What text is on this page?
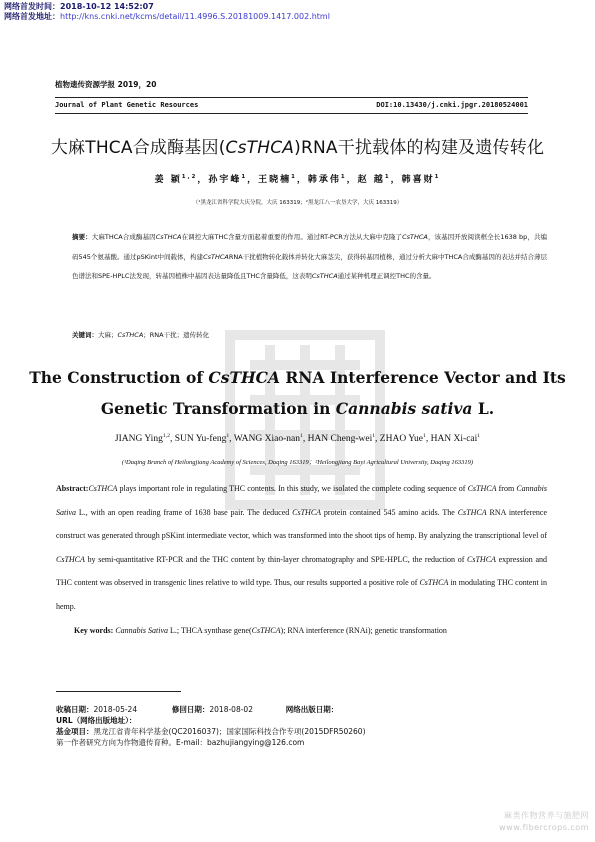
网络首发时间：2018-10-12 14:52:07
网络首发地址：http://kns.cnki.net/kcms/detail/11.4996.S.20181009.1417.002.html
植物遗传资源学报 2019，20
Journal of Plant Genetic Resources	DOI:10.13430/j.cnki.jpgr.20180524001
大麻THCA合成酶基因(CsTHCA)RNA干扰载体的构建及遗传转化
姜 颖$^{1,2}$，孙宇峰$^1$，王晓楠$^1$，韩承伟$^1$，赵 越$^1$，韩喜财$^1$
（¹黑龙江省科学院大庆分院，大庆 163319；²黑龙江八一农垦大学，大庆 163319）
摘要：大麻THCA合成酶基因CsTHCA在调控大麻THC含量方面起着重要的作用。通过RT-PCR方法从大麻中克隆了CsTHCA，该基因开放阅读框全长1638 bp，共编码545个氨基酸。通过pSKint中间载体，构建CsTHCARNA干扰植物转化载体并转化大麻茎尖，获得转基因植株，通过分析大麻中THCA合成酶基因的表达并结合薄层色谱法和SPE-HPLC法发现，转基因植株中基因表达量降低且THC含量降低，这表明CsTHCA通过某种机理正调控THC的含量。
关键词：大麻；CsTHCA；RNA干扰；遗传转化
The Construction of CsTHCA RNA Interference Vector and Its
Genetic Transformation in Cannabis sativa L.
JIANG Ying$^{1,2}$, SUN Yu-feng$^1$, WANG Xiao-nan$^1$, HAN Cheng-wei$^1$, ZHAO Yue$^1$, HAN Xi-cai$^1$
(¹Daqing Branch of Heilongjiang Academy of Sciences, Daqing 163319；²Heilongjiang Bayi Agricultural University, Daqing 163319)
Abstract:CsTHCA plays important role in regulating THC contents. In this study, we isolated the complete coding sequence of CsTHCA from Cannabis Sativa L., with an open reading frame of 1638 base pair. The deduced CsTHCA protein contained 545 amino acids. The CsTHCA RNA interference construct was generated through pSKint intermediate vector, which was transformed into the shoot tips of hemp. By analyzing the transcriptional level of CsTHCA by semi-quantitative RT-PCR and the THC content by thin-layer chromatography and SPE-HPLC, the reduction of CsTHCA expression and THC content was observed in transgenic lines relative to wild type. Thus, our results supported a positive role of CsTHCA in modulating THC content in hemp.
Key words: Cannabis Sativa L.; THCA synthase gene(CsTHCA); RNA interference (RNAi); genetic transformation
收稿日期：2018-05-24	修回日期：2018-08-02	网络出版日期：
URL（网络出版地址）：
基金项目：黑龙江省青年科学基金(QC2016037)；国家国际科技合作专项(2015DFR50260)
第一作者研究方向为作物遗传育种。E-mail：bazhujiangying@126.com
麻类作物营养与施肥网
www.fibercrops.com
